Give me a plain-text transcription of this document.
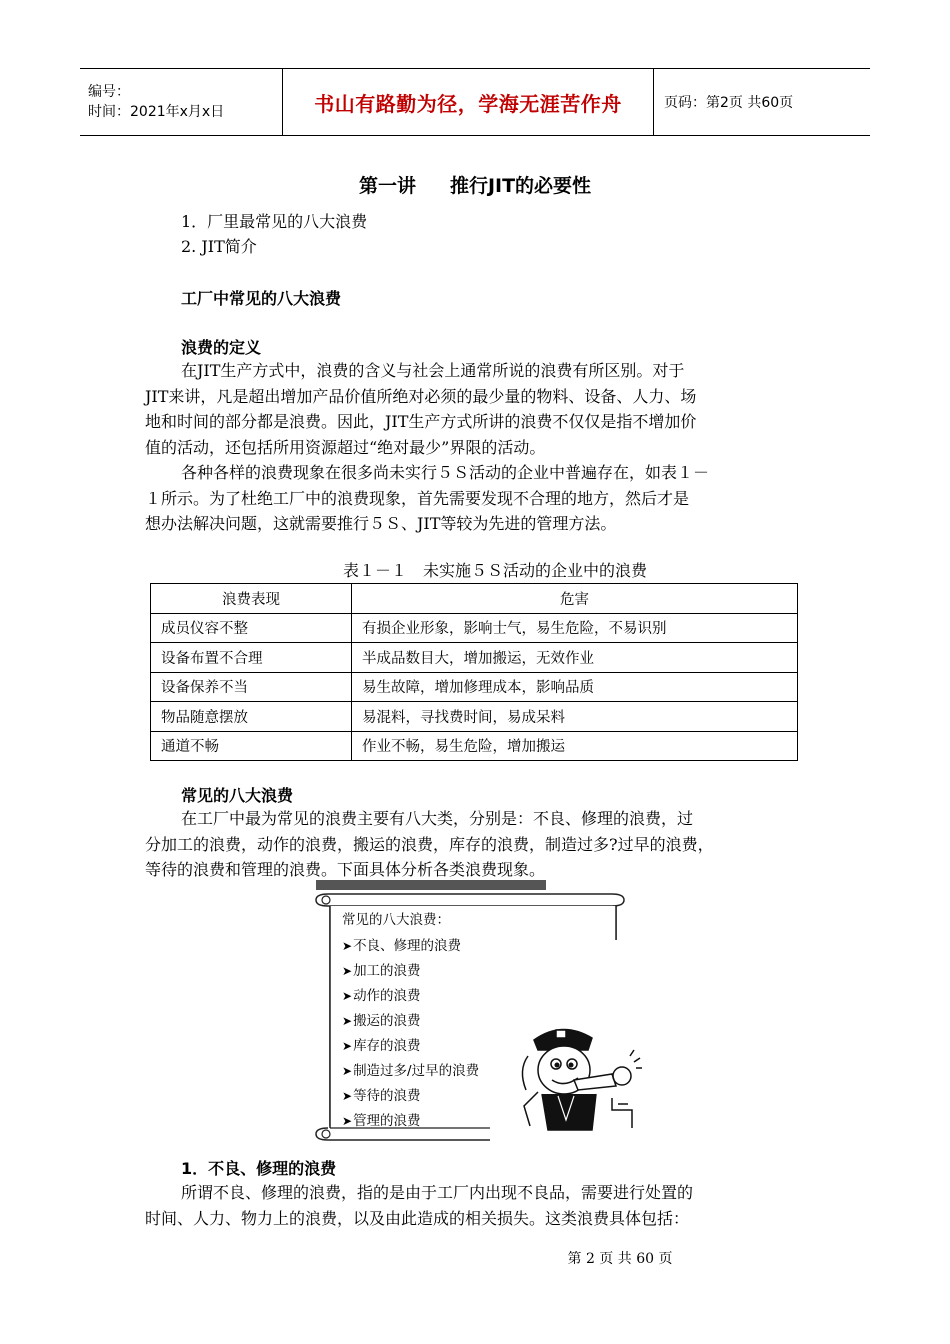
编号：
时间：2021年x月x日	书山有路勤为径，学海无涯苦作舟	页码：第2页 共60页
第一讲 推行JIT的必要性
1．厂里最常见的八大浪费
2. JIT简介
工厂中常见的八大浪费
浪费的定义
在JIT生产方式中，浪费的含义与社会上通常所说的浪费有所区别。对于
JIT来讲，凡是超出增加产品价值所绝对必须的最少量的物料、设备、人力、场
地和时间的部分都是浪费。因此，JIT生产方式所讲的浪费不仅仅是指不增加价
值的活动，还包括所用资源超过“绝对最少”界限的活动。
各种各样的浪费现象在很多尚未实行５Ｓ活动的企业中普遍存在，如表１－
１所示。为了杜绝工厂中的浪费现象，首先需要发现不合理的地方，然后才是
想办法解决问题，这就需要推行５Ｓ、JIT等较为先进的管理方法。
表１－１　未实施５Ｓ活动的企业中的浪费
浪费表现	危害
成员仪容不整	有损企业形象，影响士气，易生危险，不易识别
设备布置不合理	半成品数目大，增加搬运，无效作业
设备保养不当	易生故障，增加修理成本，影响品质
物品随意摆放	易混料，寻找费时间，易成呆料
通道不畅	作业不畅，易生危险，增加搬运
常见的八大浪费
在工厂中最为常见的浪费主要有八大类，分别是：不良、修理的浪费，过
分加工的浪费，动作的浪费，搬运的浪费，库存的浪费，制造过多?过早的浪费，
等待的浪费和管理的浪费。下面具体分析各类浪费现象。
常见的八大浪费：
➤ 不良、修理的浪费
➤ 加工的浪费
➤ 动作的浪费
➤ 搬运的浪费
➤ 库存的浪费
➤ 制造过多/过早的浪费
➤ 等待的浪费
➤ 管理的浪费
1．不良、修理的浪费
所谓不良、修理的浪费，指的是由于工厂内出现不良品，需要进行处置的
时间、人力、物力上的浪费，以及由此造成的相关损失。这类浪费具体包括：
第 2 页 共 60 页
